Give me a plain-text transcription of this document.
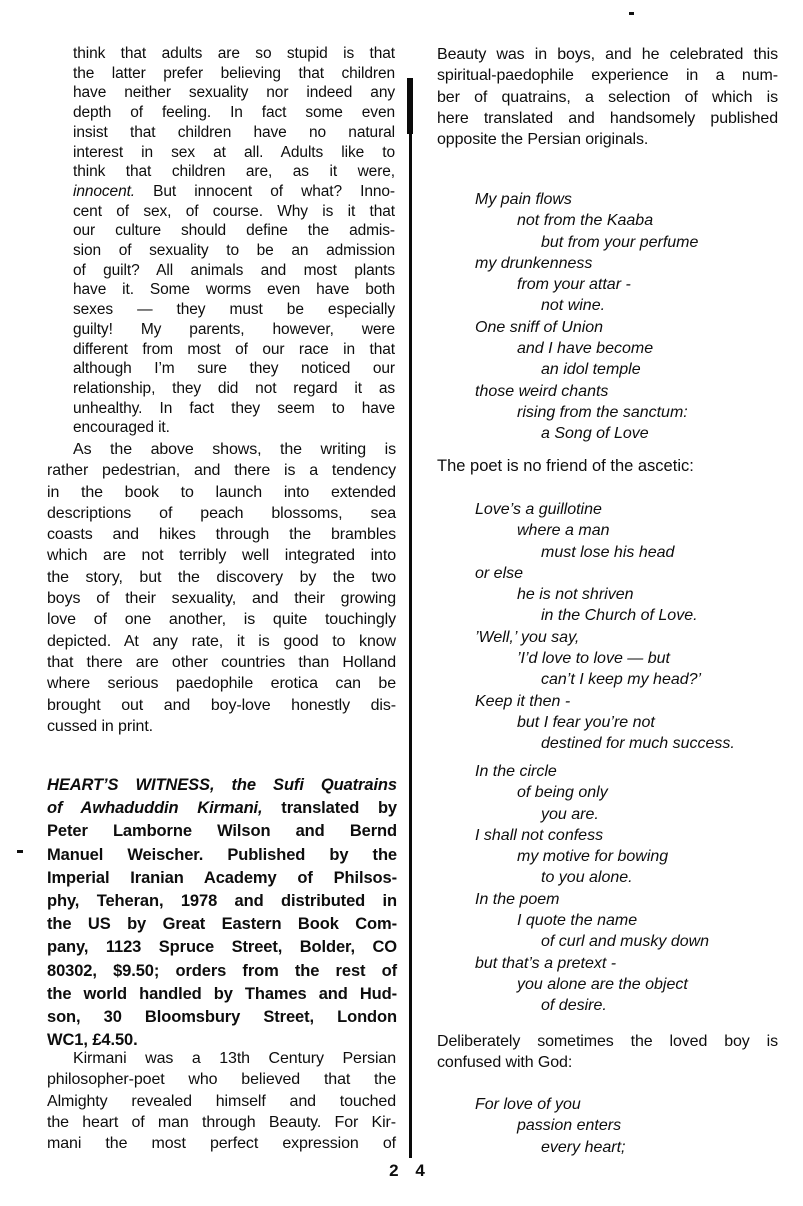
think that adults are so stupid is that
the latter prefer believing that children
have neither sexuality nor indeed any
depth of feeling. In fact some even
insist that children have no natural
interest in sex at all. Adults like to
think that children are, as it were,
innocent. But innocent of what? Inno-
cent of sex, of course. Why is it that
our culture should define the admis-
sion of sexuality to be an admission
of guilt? All animals and most plants
have it. Some worms even have both
sexes — they must be especially
guilty! My parents, however, were
different from most of our race in that
although I’m sure they noticed our
relationship, they did not regard it as
unhealthy. In fact they seem to have
encouraged it.
As the above shows, the writing is
rather pedestrian, and there is a tendency
in the book to launch into extended
descriptions of peach blossoms, sea
coasts and hikes through the brambles
which are not terribly well integrated into
the story, but the discovery by the two
boys of their sexuality, and their growing
love of one another, is quite touchingly
depicted. At any rate, it is good to know
that there are other countries than Holland
where serious paedophile erotica can be
brought out and boy-love honestly dis-
cussed in print.
HEART’S WITNESS, the Sufi Quatrains
of Awhaduddin Kirmani, translated by
Peter Lamborne Wilson and Bernd
Manuel Weischer. Published by the
Imperial Iranian Academy of Philsos-
phy, Teheran, 1978 and distributed in
the US by Great Eastern Book Com-
pany, 1123 Spruce Street, Bolder, CO
80302, $9.50; orders from the rest of
the world handled by Thames and Hud-
son, 30 Bloomsbury Street, London
WC1, £4.50.
Kirmani was a 13th Century Persian
philosopher-poet who believed that the
Almighty revealed himself and touched
the heart of man through Beauty. For Kir-
mani the most perfect expression of
Beauty was in boys, and he celebrated this
spiritual-paedophile experience in a num-
ber of quatrains, a selection of which is
here translated and handsomely published
opposite the Persian originals.
My pain flows
not from the Kaaba
but from your perfume
my drunkenness
from your attar -
not wine.
One sniff of Union
and I have become
an idol temple
those weird chants
rising from the sanctum:
a Song of Love
The poet is no friend of the ascetic:
Love’s a guillotine
where a man
must lose his head
or else
he is not shriven
in the Church of Love.
’Well,’ you say,
’I’d love to love — but
can’t I keep my head?’
Keep it then -
but I fear you’re not
destined for much success.
In the circle
of being only
you are.
I shall not confess
my motive for bowing
to you alone.
In the poem
I quote the name
of curl and musky down
but that’s a pretext -
you alone are the object
of desire.
Deliberately sometimes the loved boy is
confused with God:
For love of you
passion enters
every heart;
2 4
